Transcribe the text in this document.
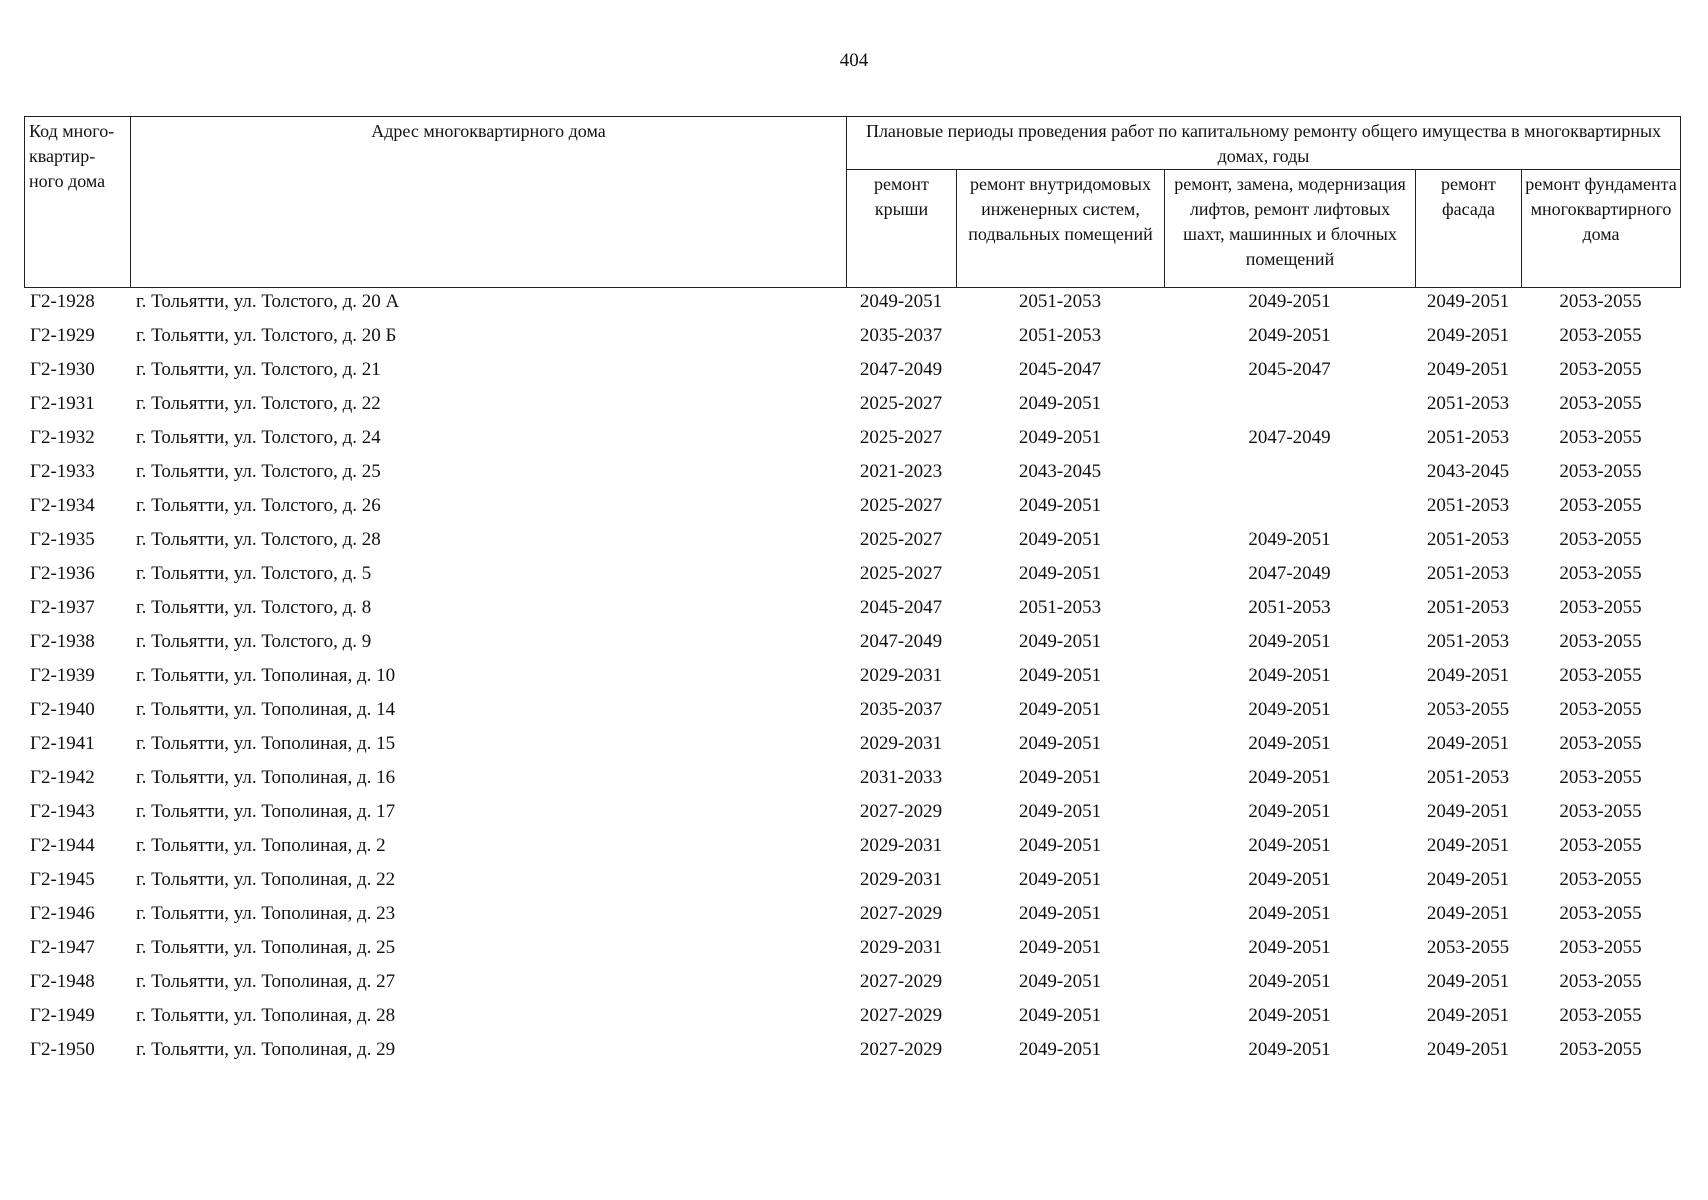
404
Код много-квартир-ного дома	Адрес многоквартирного дома	Плановые периоды проведения работ по капитальному ремонту общего имущества в многоквартирных домах, годы				
		ремонт крыши	ремонт внутридомовых инженерных систем, подвальных помещений	ремонт, замена, модернизация лифтов, ремонт лифтовых шахт, машинных и блочных помещений	ремонт фасада	ремонт фундамента многоквартирного дома
Г2-1928	г. Тольятти, ул. Толстого, д. 20 А	2049-2051	2051-2053	2049-2051	2049-2051	2053-2055
Г2-1929	г. Тольятти, ул. Толстого, д. 20 Б	2035-2037	2051-2053	2049-2051	2049-2051	2053-2055
Г2-1930	г. Тольятти, ул. Толстого, д. 21	2047-2049	2045-2047	2045-2047	2049-2051	2053-2055
Г2-1931	г. Тольятти, ул. Толстого, д. 22	2025-2027	2049-2051		2051-2053	2053-2055
Г2-1932	г. Тольятти, ул. Толстого, д. 24	2025-2027	2049-2051	2047-2049	2051-2053	2053-2055
Г2-1933	г. Тольятти, ул. Толстого, д. 25	2021-2023	2043-2045		2043-2045	2053-2055
Г2-1934	г. Тольятти, ул. Толстого, д. 26	2025-2027	2049-2051		2051-2053	2053-2055
Г2-1935	г. Тольятти, ул. Толстого, д. 28	2025-2027	2049-2051	2049-2051	2051-2053	2053-2055
Г2-1936	г. Тольятти, ул. Толстого, д. 5	2025-2027	2049-2051	2047-2049	2051-2053	2053-2055
Г2-1937	г. Тольятти, ул. Толстого, д. 8	2045-2047	2051-2053	2051-2053	2051-2053	2053-2055
Г2-1938	г. Тольятти, ул. Толстого, д. 9	2047-2049	2049-2051	2049-2051	2051-2053	2053-2055
Г2-1939	г. Тольятти, ул. Тополиная, д. 10	2029-2031	2049-2051	2049-2051	2049-2051	2053-2055
Г2-1940	г. Тольятти, ул. Тополиная, д. 14	2035-2037	2049-2051	2049-2051	2053-2055	2053-2055
Г2-1941	г. Тольятти, ул. Тополиная, д. 15	2029-2031	2049-2051	2049-2051	2049-2051	2053-2055
Г2-1942	г. Тольятти, ул. Тополиная, д. 16	2031-2033	2049-2051	2049-2051	2051-2053	2053-2055
Г2-1943	г. Тольятти, ул. Тополиная, д. 17	2027-2029	2049-2051	2049-2051	2049-2051	2053-2055
Г2-1944	г. Тольятти, ул. Тополиная, д. 2	2029-2031	2049-2051	2049-2051	2049-2051	2053-2055
Г2-1945	г. Тольятти, ул. Тополиная, д. 22	2029-2031	2049-2051	2049-2051	2049-2051	2053-2055
Г2-1946	г. Тольятти, ул. Тополиная, д. 23	2027-2029	2049-2051	2049-2051	2049-2051	2053-2055
Г2-1947	г. Тольятти, ул. Тополиная, д. 25	2029-2031	2049-2051	2049-2051	2053-2055	2053-2055
Г2-1948	г. Тольятти, ул. Тополиная, д. 27	2027-2029	2049-2051	2049-2051	2049-2051	2053-2055
Г2-1949	г. Тольятти, ул. Тополиная, д. 28	2027-2029	2049-2051	2049-2051	2049-2051	2053-2055
Г2-1950	г. Тольятти, ул. Тополиная, д. 29	2027-2029	2049-2051	2049-2051	2049-2051	2053-2055
